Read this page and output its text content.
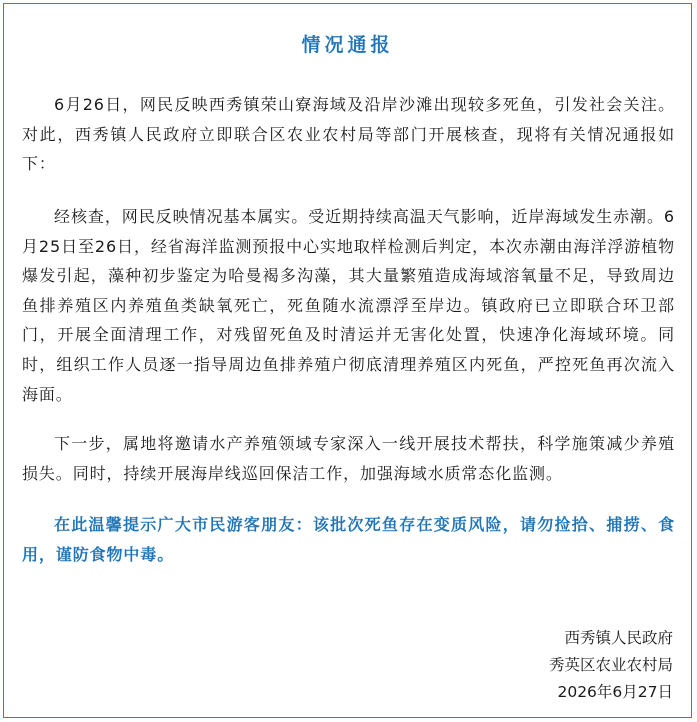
情况通报

6月26日，网民反映西秀镇荣山寮海域及沿岸沙滩出现较多死鱼，引发社会关注。对此，西秀镇人民政府立即联合区农业农村局等部门开展核查，现将有关情况通报如下：

经核查，网民反映情况基本属实。受近期持续高温天气影响，近岸海域发生赤潮。6月25日至26日，经省海洋监测预报中心实地取样检测后判定，本次赤潮由海洋浮游植物爆发引起，藻种初步鉴定为哈曼褐多沟藻，其大量繁殖造成海域溶氧量不足，导致周边鱼排养殖区内养殖鱼类缺氧死亡，死鱼随水流漂浮至岸边。镇政府已立即联合环卫部门，开展全面清理工作，对残留死鱼及时清运并无害化处置，快速净化海域环境。同时，组织工作人员逐一指导周边鱼排养殖户彻底清理养殖区内死鱼，严控死鱼再次流入海面。

下一步，属地将邀请水产养殖领域专家深入一线开展技术帮扶，科学施策减少养殖损失。同时，持续开展海岸线巡回保洁工作，加强海域水质常态化监测。

在此温馨提示广大市民游客朋友：该批次死鱼存在变质风险，请勿捡拾、捕捞、食用，谨防食物中毒。

西秀镇人民政府

秀英区农业农村局

2026年6月27日
